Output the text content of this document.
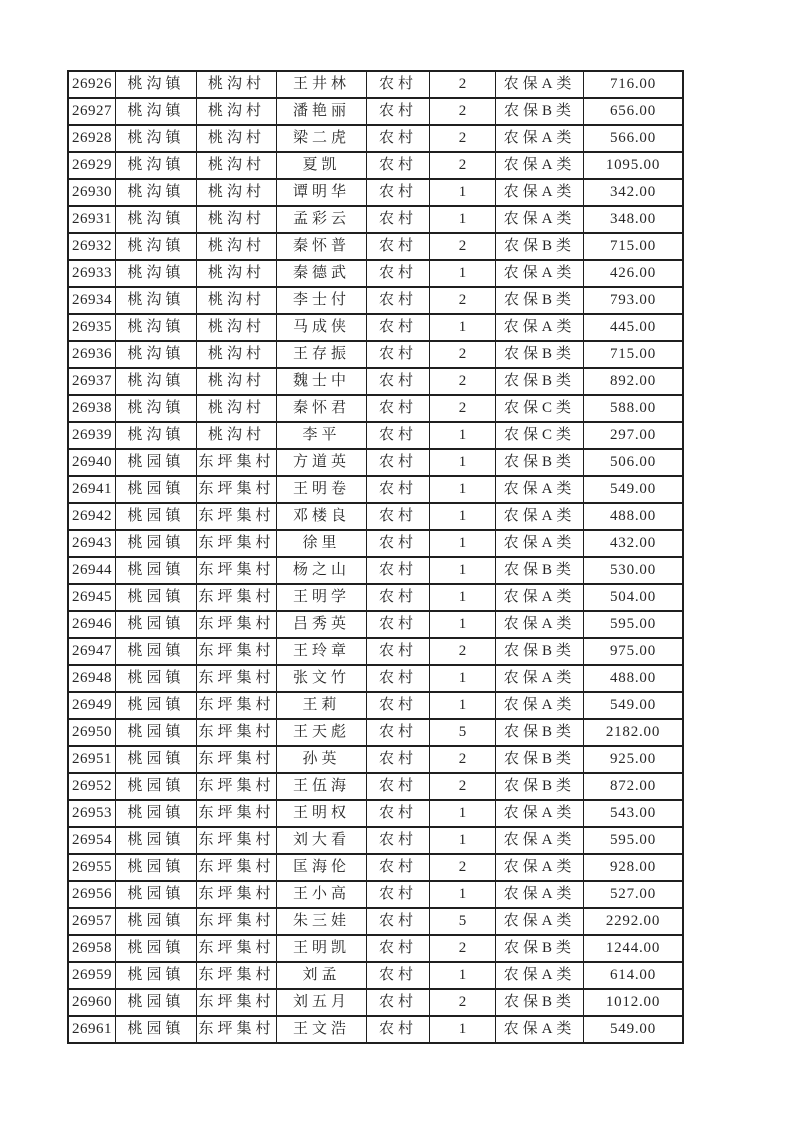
26926	桃沟镇	桃沟村	王井林	农村	2	农保A类	716.00
26927	桃沟镇	桃沟村	潘艳丽	农村	2	农保B类	656.00
26928	桃沟镇	桃沟村	梁二虎	农村	2	农保A类	566.00
26929	桃沟镇	桃沟村	夏凯	农村	2	农保A类	1095.00
26930	桃沟镇	桃沟村	谭明华	农村	1	农保A类	342.00
26931	桃沟镇	桃沟村	孟彩云	农村	1	农保A类	348.00
26932	桃沟镇	桃沟村	秦怀普	农村	2	农保B类	715.00
26933	桃沟镇	桃沟村	秦德武	农村	1	农保A类	426.00
26934	桃沟镇	桃沟村	李士付	农村	2	农保B类	793.00
26935	桃沟镇	桃沟村	马成侠	农村	1	农保A类	445.00
26936	桃沟镇	桃沟村	王存振	农村	2	农保B类	715.00
26937	桃沟镇	桃沟村	魏士中	农村	2	农保B类	892.00
26938	桃沟镇	桃沟村	秦怀君	农村	2	农保C类	588.00
26939	桃沟镇	桃沟村	李平	农村	1	农保C类	297.00
26940	桃园镇	东坪集村	方道英	农村	1	农保B类	506.00
26941	桃园镇	东坪集村	王明卷	农村	1	农保A类	549.00
26942	桃园镇	东坪集村	邓楼良	农村	1	农保A类	488.00
26943	桃园镇	东坪集村	徐里	农村	1	农保A类	432.00
26944	桃园镇	东坪集村	杨之山	农村	1	农保B类	530.00
26945	桃园镇	东坪集村	王明学	农村	1	农保A类	504.00
26946	桃园镇	东坪集村	吕秀英	农村	1	农保A类	595.00
26947	桃园镇	东坪集村	王玲章	农村	2	农保B类	975.00
26948	桃园镇	东坪集村	张文竹	农村	1	农保A类	488.00
26949	桃园镇	东坪集村	王莉	农村	1	农保A类	549.00
26950	桃园镇	东坪集村	王天彪	农村	5	农保B类	2182.00
26951	桃园镇	东坪集村	孙英	农村	2	农保B类	925.00
26952	桃园镇	东坪集村	王伍海	农村	2	农保B类	872.00
26953	桃园镇	东坪集村	王明权	农村	1	农保A类	543.00
26954	桃园镇	东坪集村	刘大看	农村	1	农保A类	595.00
26955	桃园镇	东坪集村	匡海伦	农村	2	农保A类	928.00
26956	桃园镇	东坪集村	王小高	农村	1	农保A类	527.00
26957	桃园镇	东坪集村	朱三娃	农村	5	农保A类	2292.00
26958	桃园镇	东坪集村	王明凯	农村	2	农保B类	1244.00
26959	桃园镇	东坪集村	刘孟	农村	1	农保A类	614.00
26960	桃园镇	东坪集村	刘五月	农村	2	农保B类	1012.00
26961	桃园镇	东坪集村	王文浩	农村	1	农保A类	549.00
